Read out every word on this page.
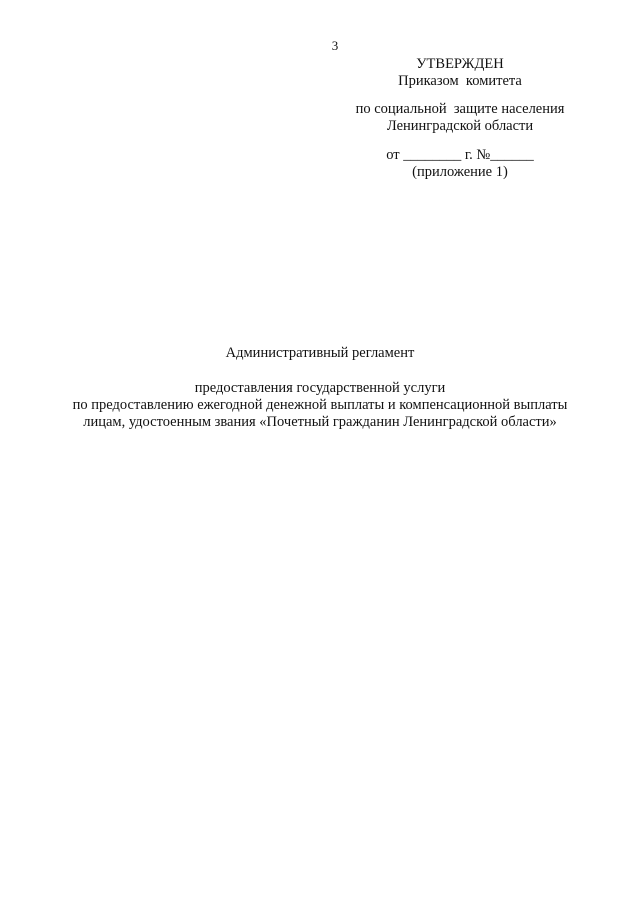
3
УТВЕРЖДЕН
Приказом  комитета
по социальной  защите населения
Ленинградской области
от ________ г. №______
(приложение 1)
Административный регламент
предоставления государственной услуги
по предоставлению ежегодной денежной выплаты и компенсационной выплаты
лицам, удостоенным звания «Почетный гражданин Ленинградской области»
